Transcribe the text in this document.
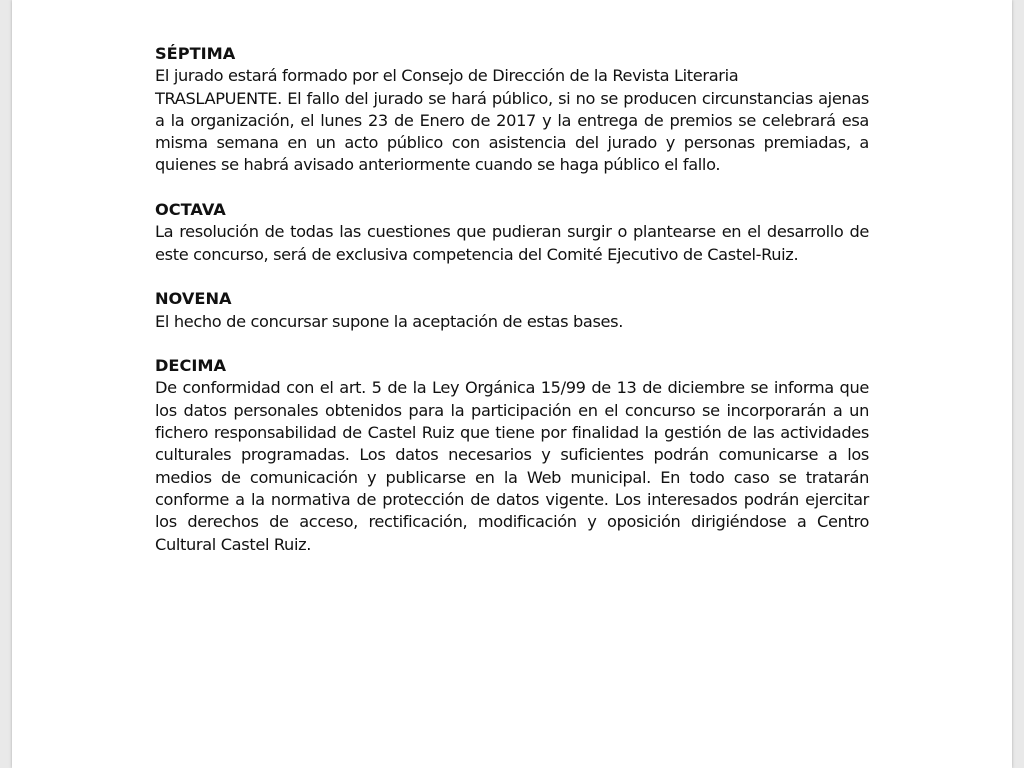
SÉPTIMA

El jurado estará formado por el Consejo de Dirección de la Revista Literaria
TRASLAPUENTE. El fallo del jurado se hará público, si no se producen circunstancias ajenas a la organización, el lunes 23 de Enero de 2017 y la entrega de premios se celebrará esa misma semana en un acto público con asistencia del jurado y personas premiadas, a quienes se habrá avisado anteriormente cuando se haga público el fallo.

OCTAVA

La resolución de todas las cuestiones que pudieran surgir o plantearse en el desarrollo de este concurso, será de exclusiva competencia del Comité Ejecutivo de Castel-Ruiz.

NOVENA

El hecho de concursar supone la aceptación de estas bases.

DECIMA

De conformidad con el art. 5 de la Ley Orgánica 15/99 de 13 de diciembre se informa que los datos personales obtenidos para la participación en el concurso se incorporarán a un fichero responsabilidad de Castel Ruiz que tiene por finalidad la gestión de las actividades culturales programadas. Los datos necesarios y suficientes podrán comunicarse a los medios de comunicación y publicarse en la Web municipal. En todo caso se tratarán conforme a la normativa de protección de datos vigente. Los interesados podrán ejercitar los derechos de acceso, rectificación, modificación y oposición dirigiéndose a Centro Cultural Castel Ruiz.
